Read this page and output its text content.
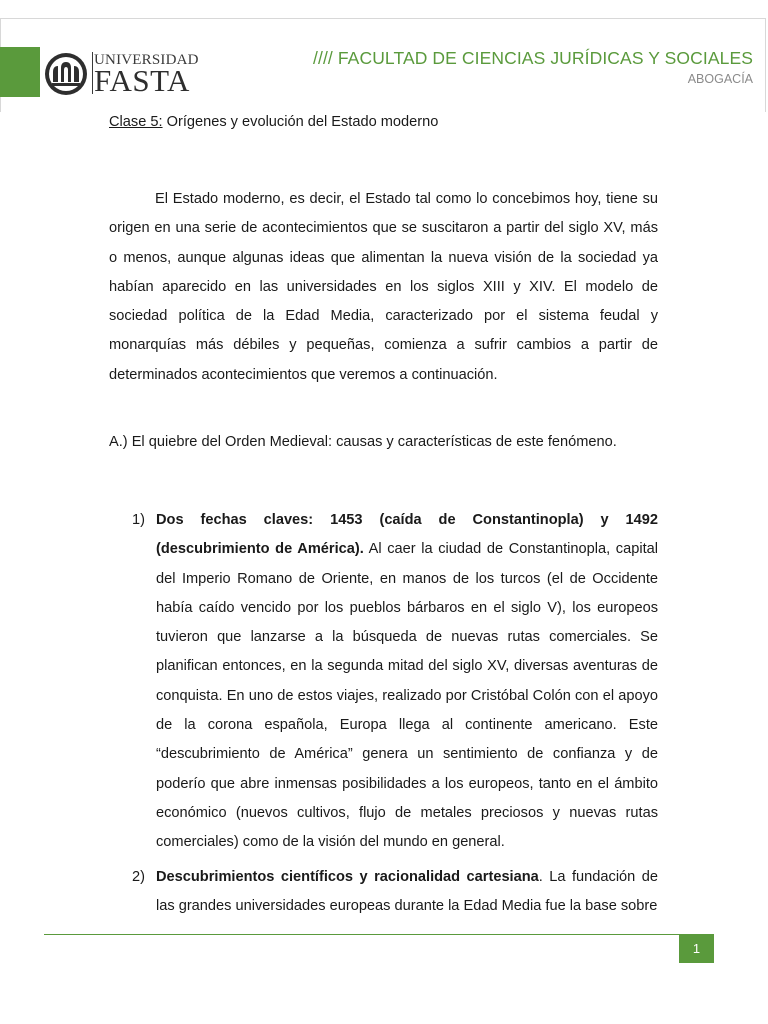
UNIVERSIDAD
FASTA
//// FACULTAD DE CIENCIAS JURÍDICAS Y SOCIALES
ABOGACÍA
Clase 5: Orígenes y evolución del Estado moderno

El Estado moderno, es decir, el Estado tal como lo concebimos hoy, tiene su origen en una serie de acontecimientos que se suscitaron a partir del siglo XV, más o menos, aunque algunas ideas que alimentan la nueva visión de la sociedad ya habían aparecido en las universidades en los siglos XIII y XIV. El modelo de sociedad política de la Edad Media, caracterizado por el sistema feudal y monarquías más débiles y pequeñas, comienza a sufrir cambios a partir de determinados acontecimientos que veremos a continuación.

A.) El quiebre del Orden Medieval: causas y características de este fenómeno.
1) Dos fechas claves: 1453 (caída de Constantinopla) y 1492 (descubrimiento de América). Al caer la ciudad de Constantinopla, capital del Imperio Romano de Oriente, en manos de los turcos (el de Occidente había caído vencido por los pueblos bárbaros en el siglo V), los europeos tuvieron que lanzarse a la búsqueda de nuevas rutas comerciales. Se planifican entonces, en la segunda mitad del siglo XV, diversas aventuras de conquista. En uno de estos viajes, realizado por Cristóbal Colón con el apoyo de la corona española, Europa llega al continente americano. Este “descubrimiento de América” genera un sentimiento de confianza y de poderío que abre inmensas posibilidades a los europeos, tanto en el ámbito económico (nuevos cultivos, flujo de metales preciosos y nuevas rutas comerciales) como de la visión del mundo en general.
2) Descubrimientos científicos y racionalidad cartesiana. La fundación de las grandes universidades europeas durante la Edad Media fue la base sobre
1
